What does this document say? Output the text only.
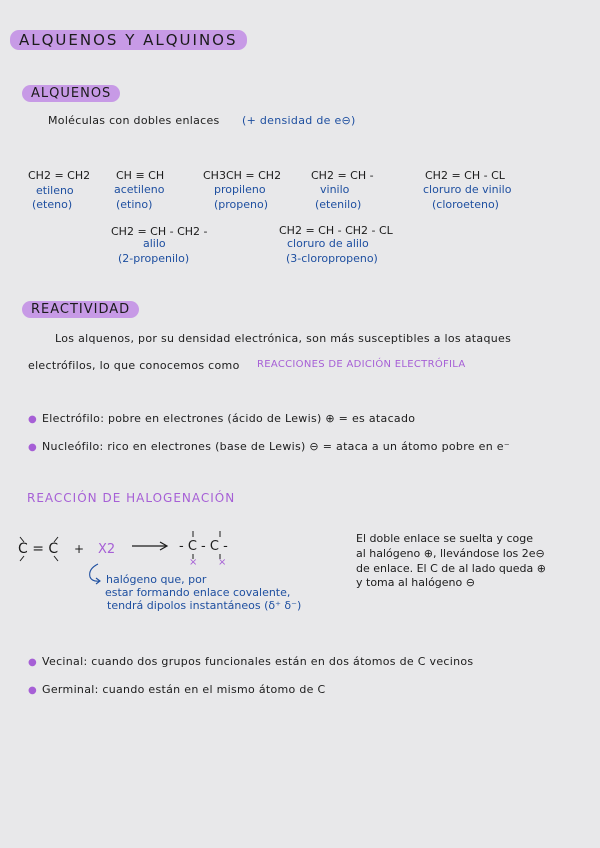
ALQUENOS Y ALQUINOS
ALQUENOS
Moléculas con dobles enlaces (+ densidad de e⊖)
CH2 = CH2
etileno
(eteno)
CH ≡ CH
acetileno
(etino)
CH3CH = CH2
propileno
(propeno)
CH2 = CH -
vinilo
(etenilo)
CH2 = CH - CL
cloruro de vinilo
(cloroeteno)
CH2 = CH - CH2 -
alilo
(2-propenilo)
CH2 = CH - CH2 - CL
cloruro de alilo
(3-cloropropeno)
REACTIVIDAD
Los alquenos, por su densidad electrónica, son más susceptibles a los ataques
electrófilos, lo que conocemos como REACCIONES DE ADICIÓN ELECTRÓFILA
● Electrófilo: pobre en electrones (ácido de Lewis) ⊕ = es atacado
● Nucleófilo: rico en electrones (base de Lewis) ⊖ = ataca a un átomo pobre en e⁻
REACCIÓN DE HALOGENACIÓN
C = C + X2 → - C - C -
× ×
halógeno que, por
estar formando enlace covalente,
tendrá dipolos instantáneos (δ⁺ δ⁻)
El doble enlace se suelta y coge
al halógeno ⊕, llevándose los 2e⊖
de enlace. El C de al lado queda ⊕
y toma al halógeno ⊖
● Vecinal: cuando dos grupos funcionales están en dos átomos de C vecinos
● Germinal: cuando están en el mismo átomo de C
